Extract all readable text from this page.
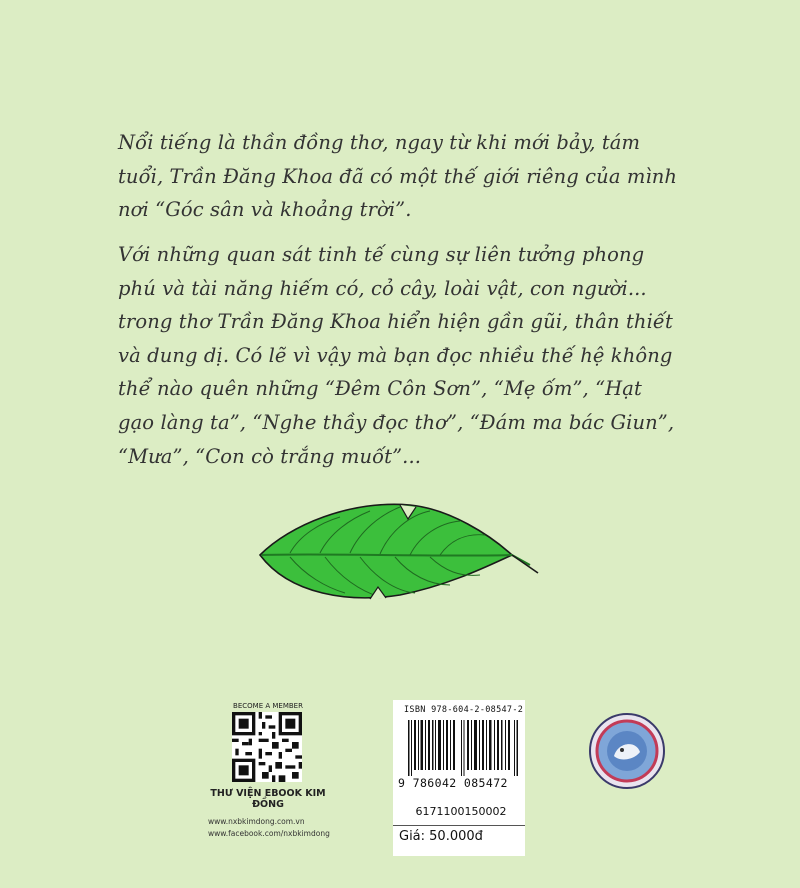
Nổi tiếng là thần đồng thơ, ngay từ khi mới bảy, tám tuổi, Trần Đăng Khoa đã có một thế giới riêng của mình nơi “Góc sân và khoảng trời”.

Với những quan sát tinh tế cùng sự liên tưởng phong phú và tài năng hiếm có, cỏ cây, loài vật, con người... trong thơ Trần Đăng Khoa hiển hiện gần gũi, thân thiết và dung dị. Có lẽ vì vậy mà bạn đọc nhiều thế hệ không thể nào quên những “Đêm Côn Sơn”, “Mẹ ốm”, “Hạt gạo làng ta”, “Nghe thầy đọc thơ”, “Đám ma bác Giun”, “Mưa”, “Con cò trắng muốt”...

BECOME A MEMBER
THƯ VIỆN EBOOK KIM ĐỒNG
www.nxbkimdong.com.vn
www.facebook.com/nxbkimdong
ISBN 978-604-2-08547-2
9 786042 085472
6171100150002
Giá: 50.000đ
